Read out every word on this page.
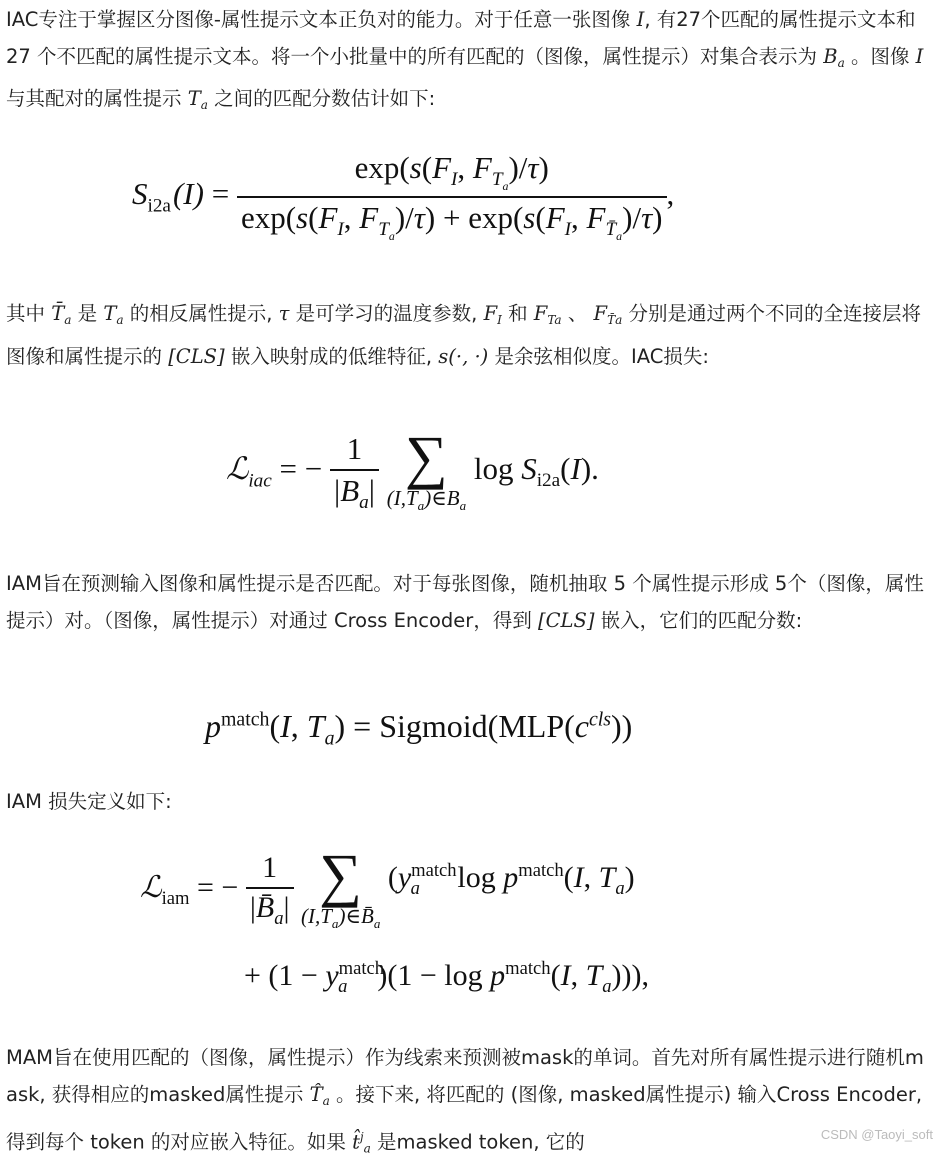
IAC专注于掌握区分图像-属性提示文本正负对的能力。对于任意一张图像 I, 有27个匹配的属性提示文本和 27 个不匹配的属性提示文本。将一个小批量中的所有匹配的（图像，属性提示）对集合表示为 $B_a$ 。图像 I 与其配对的属性提示 $T_a$ 之间的匹配分数估计如下:

$S_{i2a}(I) = \frac{\exp(s(F_I, F_{T_a})/\tau)}{\exp(s(F_I, F_{T_a})/\tau) + \exp(s(F_I, F_{T̄_a})/\tau)}$ ,

其中 $T̄_a$ 是 $T_a$ 的相反属性提示, τ 是可学习的温度参数, $F_I$ 和 $F_{Ta}$ 、 $F_{T̄a}$ 分别是通过两个不同的全连接层将图像和属性提示的 [CLS] 嵌入映射成的低维特征, s(·, ·) 是余弦相似度。IAC损失:

ℒ$_{iac}$ = − $\frac{1}{|B_a|}$
∑
$(I,T_a)\in B_a$
$\log S_{i2a}(I)$.

IAM旨在预测输入图像和属性提示是否匹配。对于每张图像，随机抽取 5 个属性提示形成 5个（图像，属性提示）对。（图像，属性提示）对通过 Cross Encoder，得到 [CLS] 嵌入，它们的匹配分数:

$p^{match}(I$, $T_a$) = $Sigmoid(MLP(c^{cls}))$

IAM 损失定义如下:

ℒ$_{iam}$ = − $\frac{1}{|B̄_a|}$
∑
$(I,T_a)\in B̄_a$
($y^{match}_a$ $\log p^{match}(I$, $T_a$)
+ ($1 - y^{match}_a$ )($1 - \log p^{match}(I$, $T_a$))),

MAM旨在使用匹配的（图像，属性提示）作为线索来预测被mask的单词。首先对所有属性提示进行随机mask, 获得相应的masked属性提示 $T̂_a$ 。接下来, 将匹配的 (图像, masked属性提示) 输入Cross Encoder, 得到每个 token 的对应嵌入特征。如果 t̂$^j_a$ 是masked token, 它的	CSDN @Taoyi_soft
